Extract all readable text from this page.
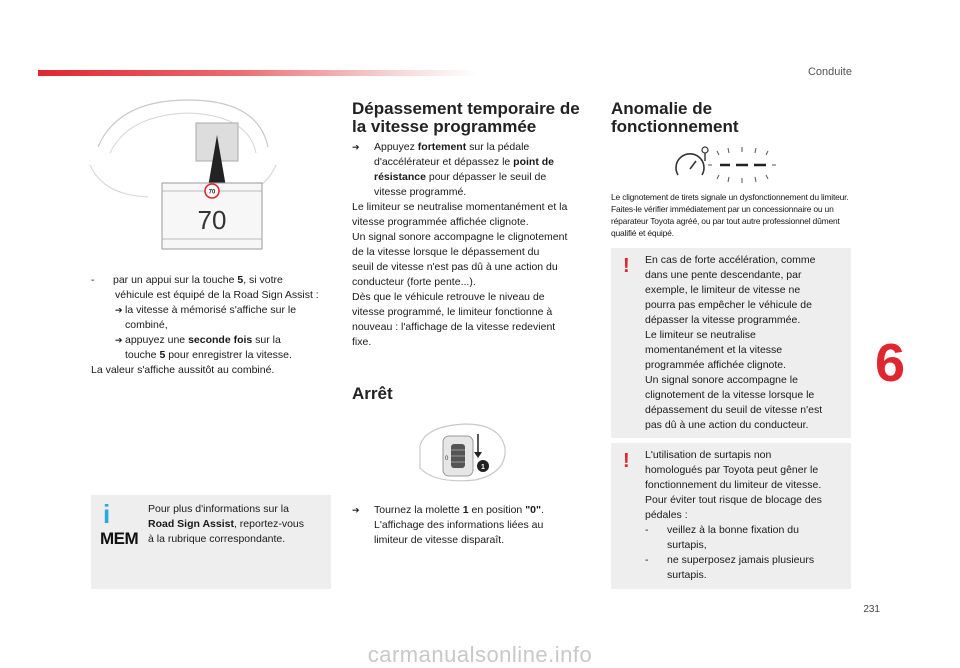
Conduite
70
70
-	par un appui sur la touche 5, si votre
véhicule est équipé de la Road Sign Assist :
➔ la vitesse à mémorisé s'affiche sur le
combiné,
➔ appuyez une seconde fois sur la
touche 5 pour enregistrer la vitesse.
La valeur s'affiche aussitôt au combiné.
i
MEM
Pour plus d'informations sur la
Road Sign Assist, reportez-vous
à la rubrique correspondante.
Dépassement temporaire de
la vitesse programmée
➔	Appuyez fortement sur la pédale
d'accélérateur et dépassez le point de
résistance pour dépasser le seuil de
vitesse programmé.
Le limiteur se neutralise momentanément et la
vitesse programmée affichée clignote.
Un signal sonore accompagne le clignotement
de la vitesse lorsque le dépassement du
seuil de vitesse n'est pas dû à une action du
conducteur (forte pente...).
Dès que le véhicule retrouve le niveau de
vitesse programmé, le limiteur fonctionne à
nouveau : l'affichage de la vitesse redevient
fixe.
Arrêt
0
1
➔	Tournez la molette 1 en position "0".
L'affichage des informations liées au
limiteur de vitesse disparaît.
Anomalie de
fonctionnement
Le clignotement de tirets signale un dysfonctionnement du limiteur.
Faites-le vérifier immédiatement par un concessionnaire ou un
réparateur Toyota agréé, ou par tout autre professionnel dûment
qualifié et équipé.
! En cas de forte accélération, comme
dans une pente descendante, par
exemple, le limiteur de vitesse ne
pourra pas empêcher le véhicule de
dépasser la vitesse programmée.
Le limiteur se neutralise
momentanément et la vitesse
programmée affichée clignote.
Un signal sonore accompagne le
clignotement de la vitesse lorsque le
dépassement du seuil de vitesse n'est
pas dû à une action du conducteur.
! L'utilisation de surtapis non
homologués par Toyota peut gêner le
fonctionnement du limiteur de vitesse.
Pour éviter tout risque de blocage des
pédales :
-	veillez à la bonne fixation du
surtapis,
-	ne superposez jamais plusieurs
surtapis.
6
231
carmanualsonline.info
